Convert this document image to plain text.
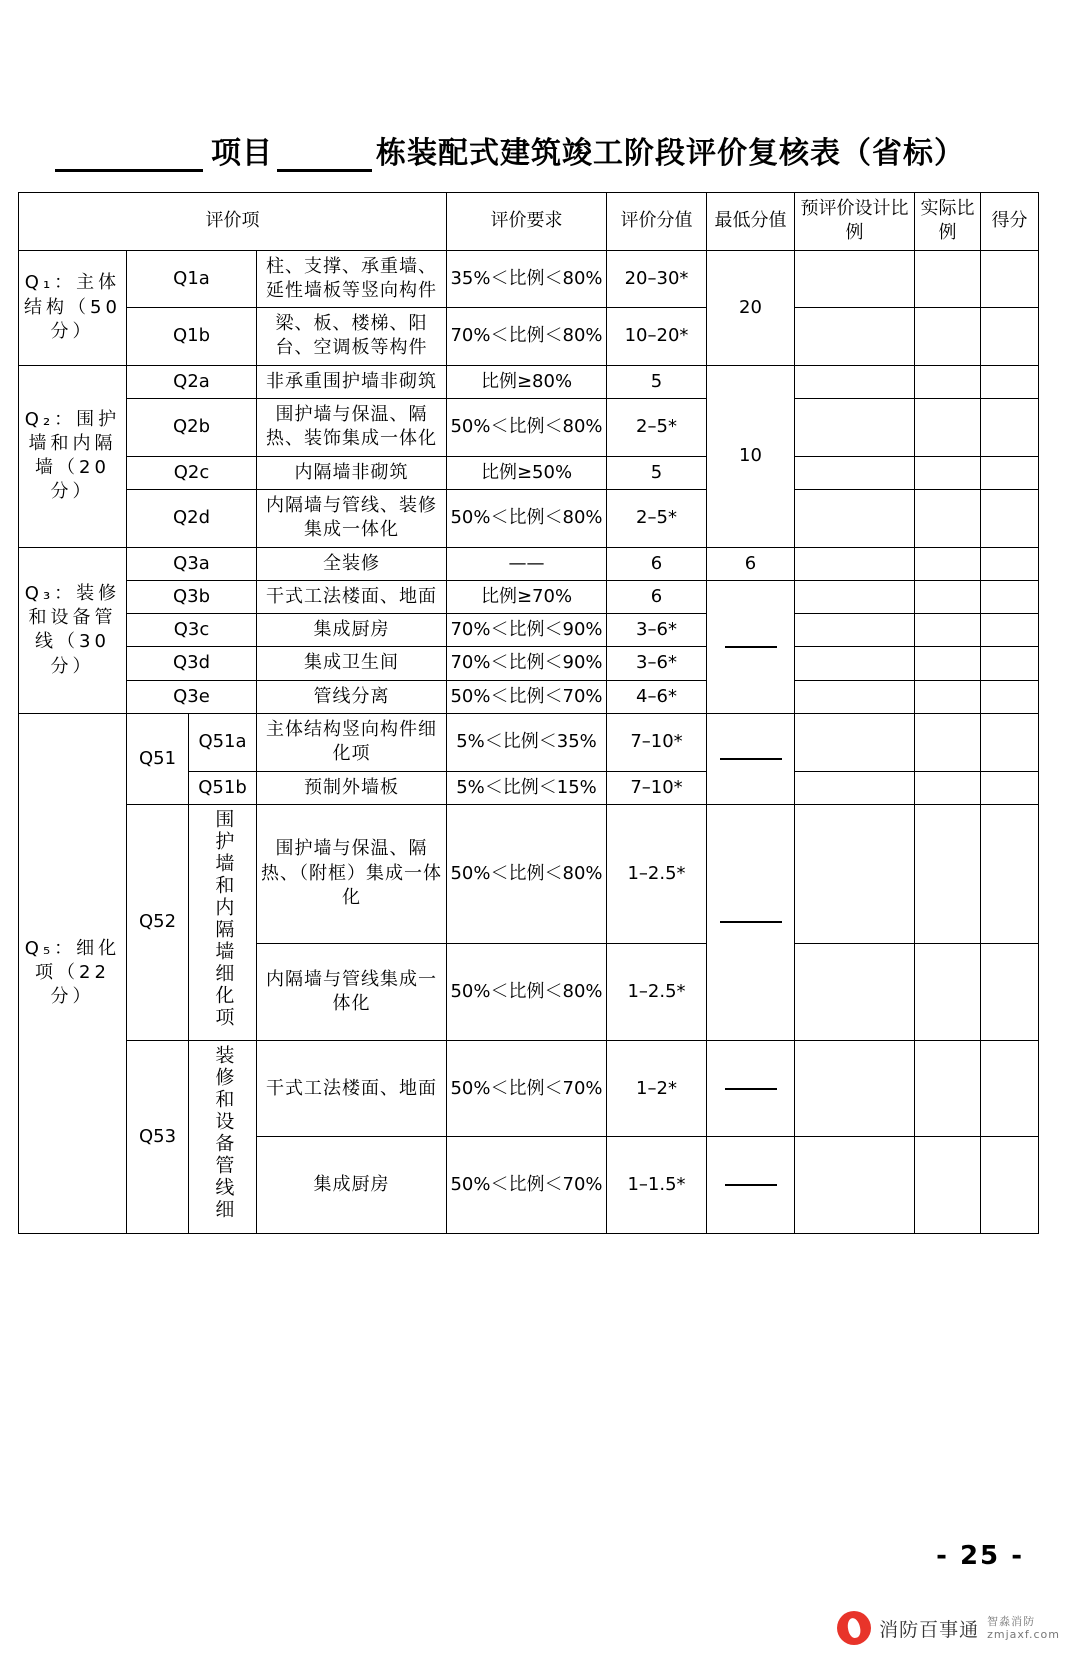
项目	栋装配式建筑竣工阶段评价复核表（省标）
评价项				评价要求	评价分值	最低分值	预评价设计比例	实际比例	得分
Q₁：主体结构（50分）	Q1a		柱、支撑、承重墙、延性墙板等竖向构件	35%＜比例＜80%	20–30*	20			
	Q1b		梁、板、楼梯、阳台、空调板等构件	70%＜比例＜80%	10–20*				
Q₂：围护墙和内隔墙（20分）	Q2a		非承重围护墙非砌筑	比例≥80%	5	10			
	Q2b		围护墙与保温、隔热、装饰集成一体化	50%＜比例＜80%	2–5*				
	Q2c		内隔墙非砌筑	比例≥50%	5				
	Q2d		内隔墙与管线、装修集成一体化	50%＜比例＜80%	2–5*				
Q₃：装修和设备管线（30分）	Q3a		全装修	——	6	6			
	Q3b		干式工法楼面、地面	比例≥70%	6				
	Q3c		集成厨房	70%＜比例＜90%	3–6*				
	Q3d		集成卫生间	70%＜比例＜90%	3–6*				
	Q3e		管线分离	50%＜比例＜70%	4–6*				
Q₅：细化项（22分）	Q51	Q51a	主体结构竖向构件细化项	5%＜比例＜35%	7–10*				
		Q51b	预制外墙板	5%＜比例＜15%	7–10*				
	Q52	围护墙和内隔墙细化项	围护墙与保温、隔热、（附框）集成一体化	50%＜比例＜80%	1–2.5*				
			内隔墙与管线集成一体化	50%＜比例＜80%	1–2.5*				
	Q53	装修和设备管线细	干式工法楼面、地面	50%＜比例＜70%	1–2*				
			集成厨房	50%＜比例＜70%	1–1.5*				
- 25 -
消防百事通 智淼消防
zmjaxf.com
